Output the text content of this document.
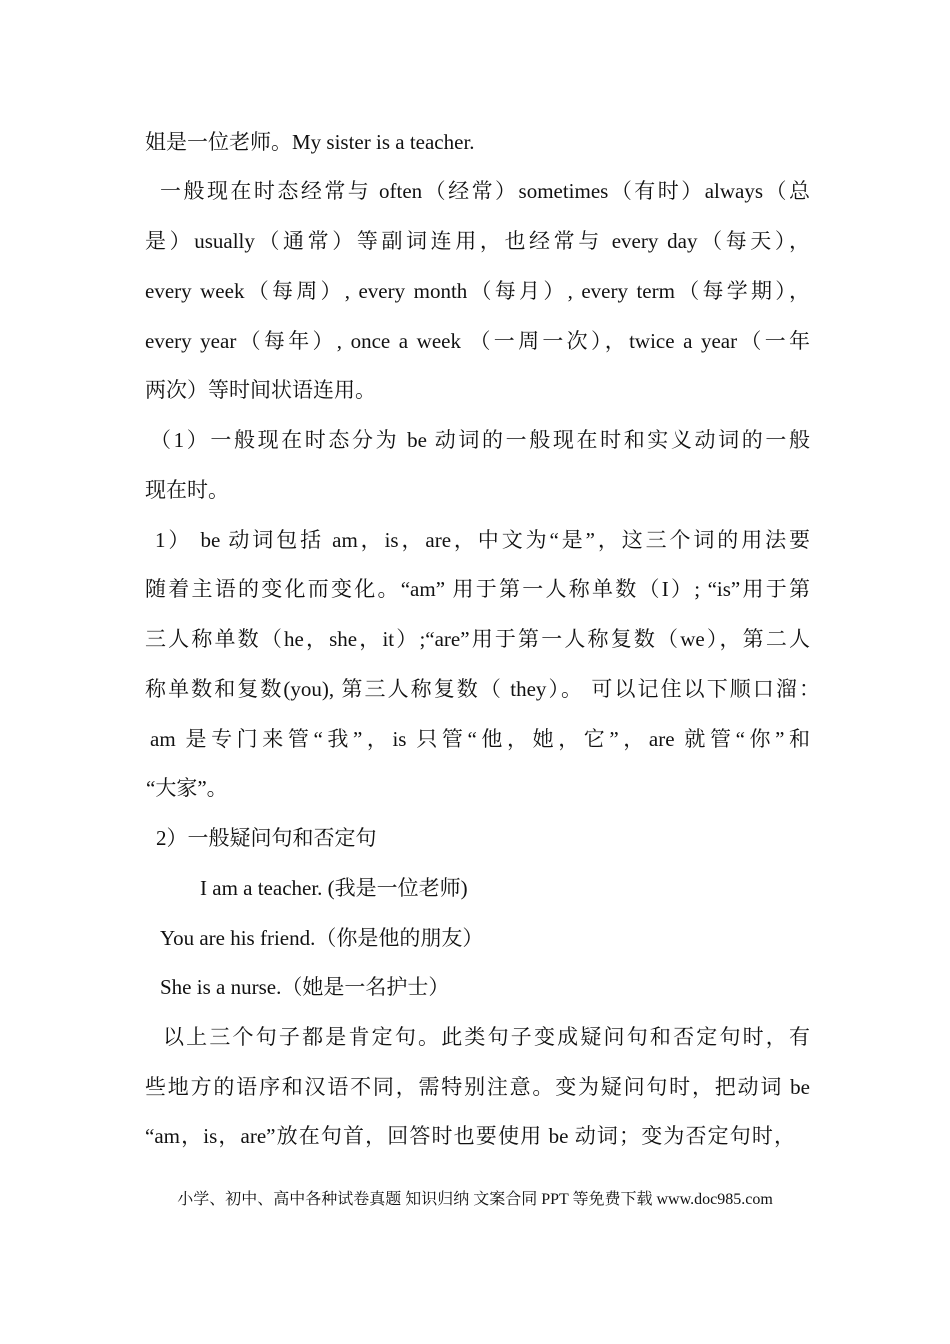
姐是一位老师。My sister is a teacher.
一般现在时态经常与 often（经常）sometimes（有时）always（总
是）usually（通常）等副词连用，也经常与 every day（每天），
every week（每周）, every month（每月）, every term（每学期），
every year（每年）, once a week （一周一次），twice a year（一年
两次）等时间状语连用。
（1）一般现在时态分为 be 动词的一般现在时和实义动词的一般
现在时。
1） be 动词包括 am，is，are，中文为“是”，这三个词的用法要
随着主语的变化而变化。“am” 用于第一人称单数（I）; “is”用于第
三人称单数（he，she，it）;“are”用于第一人称复数（we），第二人
称单数和复数(you), 第三人称复数（ they）。 可以记住以下顺口溜：
am 是专门来管“我”，is 只管“他，她，它”，are 就管“你”和
“大家”。
2）一般疑问句和否定句
I am a teacher. (我是一位老师)
You are his friend.（你是他的朋友）
She is a nurse.（她是一名护士）
以上三个句子都是肯定句。此类句子变成疑问句和否定句时，有
些地方的语序和汉语不同，需特别注意。变为疑问句时，把动词 be
“am，is，are”放在句首，回答时也要使用 be 动词；变为否定句时，
小学、初中、高中各种试卷真题 知识归纳 文案合同 PPT 等免费下载 www.doc985.com
